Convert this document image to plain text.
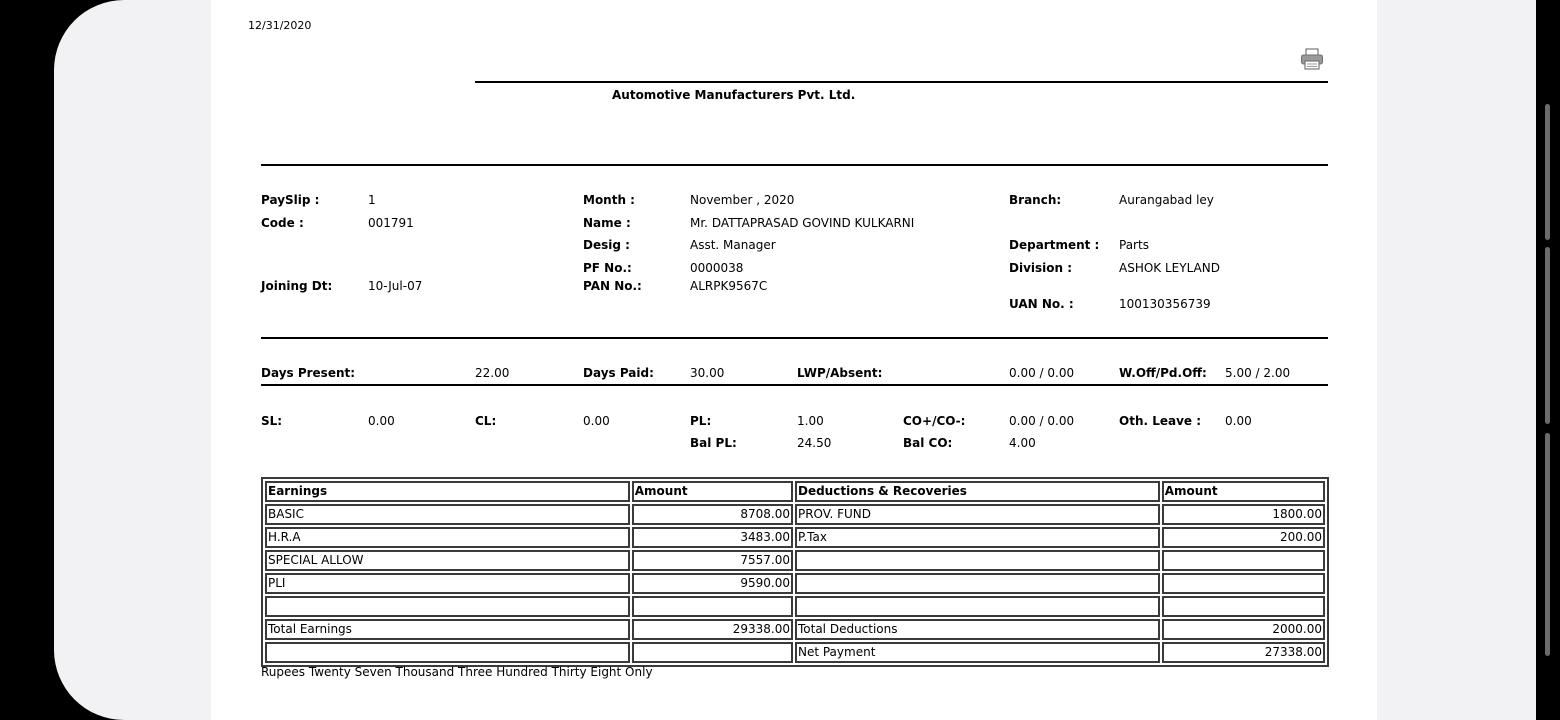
12/31/2020
Automotive Manufacturers Pvt. Ltd.
PaySlip :	1
Code :	001791
Joining Dt:	10-Jul-07
Month :	November , 2020
Name :	Mr. DATTAPRASAD GOVIND KULKARNI
Desig :	Asst. Manager
PF No.:	0000038
PAN No.:	ALRPK9567C
Branch:	Aurangabad ley
Department : Parts
Division :	ASHOK LEYLAND
UAN No. :	100130356739
Days Present:	22.00	Days Paid:	30.00	LWP/Absent:	0.00 / 0.00	W.Off/Pd.Off: 5.00 / 2.00
SL:	0.00	CL:	0.00	PL:	1.00
Bal PL:	24.50
CO+/CO-:	0.00 / 0.00
Bal CO:	4.00
Oth. Leave : 0.00
Earnings	Amount	Deductions & Recoveries	Amount
BASIC	8708.00	PROV. FUND	1800.00
H.R.A	3483.00	P.Tax	200.00
SPECIAL ALLOW	7557.00		
PLI	9590.00		

Total Earnings	29338.00	Total Deductions	2000.00
		Net Payment	27338.00
Rupees Twenty Seven Thousand Three Hundred Thirty Eight Only
